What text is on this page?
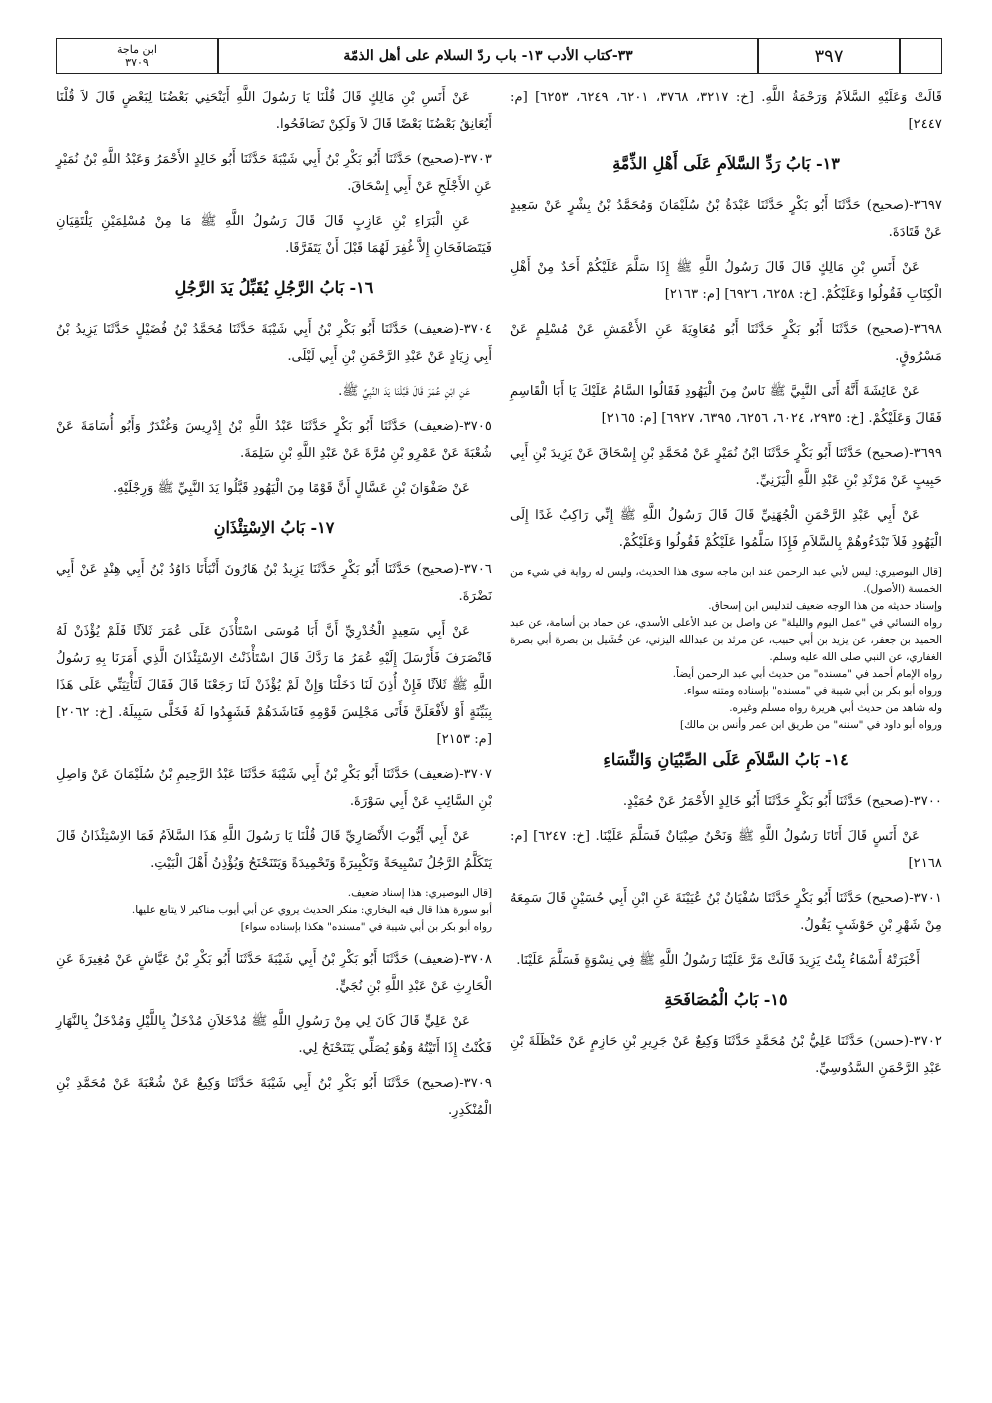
ابن ماجة
٣٧٠٩	٣٣-كتاب الأدب ١٣- باب ردّ السلام على أهل الذمّة	٣٩٧

قَالَتْ وَعَلَيْهِ السَّلاَمُ وَرَحْمَةُ اللَّهِ. [خ: ٣٢١٧، ٣٧٦٨، ٦٢٠١، ٦٢٤٩، ٦٢٥٣] [م: ٢٤٤٧]

١٣- بَابُ رَدِّ السَّلاَمِ عَلَى أَهْلِ الذِّمَّةِ

٣٦٩٧-(صحيح) حَدَّثَنَا أَبُو بَكْرٍ حَدَّثَنَا عَبْدَةُ بْنُ سُلَيْمَانَ وَمُحَمَّدُ بْنُ بِشْرٍ عَنْ سَعِيدٍ عَنْ قَتَادَةَ.

عَنْ أَنَسِ بْنِ مَالِكٍ قَالَ قَالَ رَسُولُ اللَّهِ ﷺ إِذَا سَلَّمَ عَلَيْكُمْ أَحَدٌ مِنْ أَهْلِ الْكِتَابِ فَقُولُوا وَعَلَيْكُمْ. [خ: ٦٢٥٨، ٦٩٢٦] [م: ٢١٦٣]

٣٦٩٨-(صحيح) حَدَّثَنَا أَبُو بَكْرٍ حَدَّثَنَا أَبُو مُعَاوِيَةَ عَنِ الأَعْمَشِ عَنْ مُسْلِمٍ عَنْ مَسْرُوقٍ.

عَنْ عَائِشَةَ أَنَّهُ أَتَى النَّبِيَّ ﷺ نَاسٌ مِنَ الْيَهُودِ فَقَالُوا السَّامُ عَلَيْكَ يَا أَبَا الْقَاسِمِ فَقَالَ وَعَلَيْكُمْ. [خ: ٢٩٣٥، ٦٠٢٤، ٦٢٥٦، ٦٣٩٥، ٦٩٢٧] [م: ٢١٦٥]

٣٦٩٩-(صحيح) حَدَّثَنَا أَبُو بَكْرٍ حَدَّثَنَا ابْنُ نُمَيْرٍ عَنْ مُحَمَّدِ بْنِ إِسْحَاقَ عَنْ يَزِيدَ بْنِ أَبِي حَبِيبٍ عَنْ مَرْثَدِ بْنِ عَبْدِ اللَّهِ الْيَزَنِيِّ.

عَنْ أَبِي عَبْدِ الرَّحْمَنِ الْجُهَنِيِّ قَالَ قَالَ رَسُولُ اللَّهِ ﷺ إِنِّي رَاكِبٌ غَدًا إِلَى الْيَهُودِ فَلاَ تَبْدَءُوهُمْ بِالسَّلاَمِ فَإِذَا سَلَّمُوا عَلَيْكُمْ فَقُولُوا وَعَلَيْكُمْ.

[قال البوصيري: ليس لأبي عبد الرحمن عند ابن ماجه سوى هذا الحديث، وليس له رواية في شيء من الخمسة (الأصول).

وإسناد حديثه من هذا الوجه ضعيف لتدليس ابن إسحاق.

رواه النسائي في "عمل اليوم والليلة" عن واصل بن عبد الأعلى الأسدي، عن حماد بن أسامة، عن عبد الحميد بن جعفر، عن يزيد بن أبي حبيب، عن مرثد بن عبدالله اليزني، عن خُشَيل بن بصرة أبي بصرة الغفاري، عن النبي صلى الله عليه وسلم.

رواه الإمام أحمد في "مسنده" من حديث أبي عبد الرحمن أيضاً.

ورواه أبو بكر بن أبي شيبة في "مسنده" بإسناده ومتنه سواء.

وله شاهد من حديث أبي هريرة رواه مسلم وغيره.

ورواه أبو داود في "سننه" من طريق ابن عمر وأنس بن مالك]

١٤- بَابُ السَّلاَمِ عَلَى الصِّبْيَانِ وَالنِّسَاءِ

٣٧٠٠-(صحيح) حَدَّثَنَا أَبُو بَكْرٍ حَدَّثَنَا أَبُو خَالِدٍ الأَحْمَرُ عَنْ حُمَيْدٍ.

عَنْ أَنَسٍ قَالَ أَتَانَا رَسُولُ اللَّهِ ﷺ وَنَحْنُ صِبْيَانٌ فَسَلَّمَ عَلَيْنَا. [خ: ٦٢٤٧] [م: ٢١٦٨]

٣٧٠١-(صحيح) حَدَّثَنَا أَبُو بَكْرٍ حَدَّثَنَا سُفْيَانُ بْنُ عُيَيْنَةَ عَنِ ابْنِ أَبِي حُسَيْنٍ قَالَ سَمِعَهُ مِنْ شَهْرِ بْنِ حَوْشَبٍ يَقُولُ.

أَخْبَرَتْهُ أَسْمَاءُ بِنْتُ يَزِيدَ قَالَتْ مَرَّ عَلَيْنَا رَسُولُ اللَّهِ ﷺ فِي نِسْوَةٍ فَسَلَّمَ عَلَيْنَا.

١٥- بَابُ الْمُصَافَحَةِ

٣٧٠٢-(حسن) حَدَّثَنَا عَلِيُّ بْنُ مُحَمَّدٍ حَدَّثَنَا وَكِيعٌ عَنْ جَرِيرِ بْنِ حَازِمٍ عَنْ حَنْظَلَةَ بْنِ عَبْدِ الرَّحْمَنِ السَّدُوسِيِّ.

عَنْ أَنَسِ بْنِ مَالِكٍ قَالَ قُلْنَا يَا رَسُولَ اللَّهِ أَيَنْحَنِي بَعْضُنَا لِبَعْضٍ قَالَ لاَ قُلْنَا أَيُعَانِقُ بَعْضُنَا بَعْضًا قَالَ لاَ وَلَكِنْ تَصَافَحُوا.

٣٧٠٣-(صحيح) حَدَّثَنَا أَبُو بَكْرِ بْنُ أَبِي شَيْبَةَ حَدَّثَنَا أَبُو خَالِدٍ الأَحْمَرُ وَعَبْدُ اللَّهِ بْنُ نُمَيْرٍ عَنِ الأَجْلَحِ عَنْ أَبِي إِسْحَاقَ.

عَنِ الْبَرَاءِ بْنِ عَازِبٍ قَالَ قَالَ رَسُولُ اللَّهِ ﷺ مَا مِنْ مُسْلِمَيْنِ يَلْتَقِيَانِ فَيَتَصَافَحَانِ إِلاَّ غُفِرَ لَهُمَا قَبْلَ أَنْ يَتَفَرَّقَا.

١٦- بَابُ الرَّجُلِ يُقَبِّلُ يَدَ الرَّجُلِ

٣٧٠٤-(ضعيف) حَدَّثَنَا أَبُو بَكْرِ بْنُ أَبِي شَيْبَةَ حَدَّثَنَا مُحَمَّدُ بْنُ فُضَيْلٍ حَدَّثَنَا يَزِيدُ بْنُ أَبِي زِيَادٍ عَنْ عَبْدِ الرَّحْمَنِ بْنِ أَبِي لَيْلَى.

عَنِ ابْنِ عُمَرَ قَالَ قَبَّلْنَا يَدَ النَّبِيِّ ﷺ.

٣٧٠٥-(ضعيف) حَدَّثَنَا أَبُو بَكْرٍ حَدَّثَنَا عَبْدُ اللَّهِ بْنُ إِدْرِيسَ وَغُنْدَرٌ وَأَبُو أُسَامَةَ عَنْ شُعْبَةَ عَنْ عَمْرِو بْنِ مُرَّةَ عَنْ عَبْدِ اللَّهِ بْنِ سَلِمَةَ.

عَنْ صَفْوَانَ بْنِ عَسَّالٍ أَنَّ قَوْمًا مِنَ الْيَهُودِ قَبَّلُوا يَدَ النَّبِيِّ ﷺ وَرِجْلَيْهِ.

١٧- بَابُ الاِسْتِئْذَانِ

٣٧٠٦-(صحيح) حَدَّثَنَا أَبُو بَكْرٍ حَدَّثَنَا يَزِيدُ بْنُ هَارُونَ أَنْبَأَنَا دَاوُدُ بْنُ أَبِي هِنْدٍ عَنْ أَبِي نَضْرَةَ.

عَنْ أَبِي سَعِيدٍ الْخُدْرِيِّ أَنَّ أَبَا مُوسَى اسْتَأْذَنَ عَلَى عُمَرَ ثَلاَثًا فَلَمْ يُؤْذَنْ لَهُ فَانْصَرَفَ فَأَرْسَلَ إِلَيْهِ عُمَرُ مَا رَدَّكَ قَالَ اسْتَأْذَنْتُ الاِسْتِئْذَانَ الَّذِي أَمَرَنَا بِهِ رَسُولُ اللَّهِ ﷺ ثَلاَثًا فَإِنْ أُذِنَ لَنَا دَخَلْنَا وَإِنْ لَمْ يُؤْذَنْ لَنَا رَجَعْنَا قَالَ فَقَالَ لَتَأْتِيَنِّي عَلَى هَذَا بِبَيِّنَةٍ أَوْ لأَفْعَلَنَّ فَأَتَى مَجْلِسَ قَوْمِهِ فَنَاشَدَهُمْ فَشَهِدُوا لَهُ فَخَلَّى سَبِيلَهُ. [خ: ٢٠٦٢] [م: ٢١٥٣]

٣٧٠٧-(ضعيف) حَدَّثَنَا أَبُو بَكْرِ بْنُ أَبِي شَيْبَةَ حَدَّثَنَا عَبْدُ الرَّحِيمِ بْنُ سُلَيْمَانَ عَنْ وَاصِلِ بْنِ السَّائِبِ عَنْ أَبِي سَوْرَةَ.

عَنْ أَبِي أَيُّوبَ الأَنْصَارِيِّ قَالَ قُلْنَا يَا رَسُولَ اللَّهِ هَذَا السَّلاَمُ فَمَا الاِسْتِئْذَانُ قَالَ يَتَكَلَّمُ الرَّجُلُ تَسْبِيحَةً وَتَكْبِيرَةً وَتَحْمِيدَةً وَيَتَنَحْنَحُ وَيُؤْذِنُ أَهْلَ الْبَيْتِ.

[قال البوصيري: هذا إسناد ضعيف.

أبو سورة هذا قال فيه البخاري: منكر الحديث يروي عن أبي أيوب مناكير لا يتابع عليها.

رواه أبو بكر بن أبي شيبة في "مسنده" هكذا بإسناده سواء]

٣٧٠٨-(ضعيف) حَدَّثَنَا أَبُو بَكْرِ بْنُ أَبِي شَيْبَةَ حَدَّثَنَا أَبُو بَكْرِ بْنُ عَيَّاشٍ عَنْ مُغِيرَةَ عَنِ الْحَارِثِ عَنْ عَبْدِ اللَّهِ بْنِ نُجَيٍّ.

عَنْ عَلِيٍّ قَالَ كَانَ لِي مِنْ رَسُولِ اللَّهِ ﷺ مُدْخَلاَنِ مُدْخَلٌ بِاللَّيْلِ وَمُدْخَلٌ بِالنَّهَارِ فَكُنْتُ إِذَا أَتَيْتُهُ وَهُوَ يُصَلِّي يَتَنَحْنَحُ لِي.

٣٧٠٩-(صحيح) حَدَّثَنَا أَبُو بَكْرِ بْنُ أَبِي شَيْبَةَ حَدَّثَنَا وَكِيعٌ عَنْ شُعْبَةَ عَنْ مُحَمَّدِ بْنِ الْمُنْكَدِرِ.
